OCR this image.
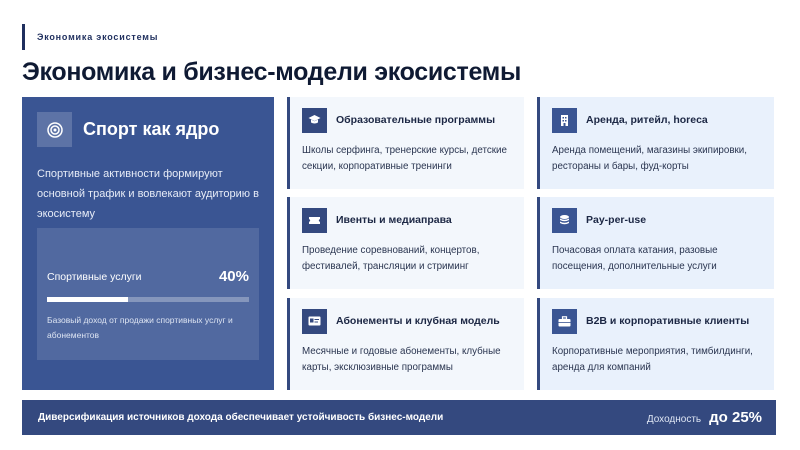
Экономика экосистемы
Экономика и бизнес-модели экосистемы
Спорт как ядро

Спортивные активности формируют основной трафик и вовлекают аудиторию в экосистему

Спортивные услуги	40%

Базовый доход от продажи спортивных услуг и абонементов

Образовательные программы

Школы серфинга, тренерские курсы, детские секции, корпоративные тренинги

Аренда, ритейл, horeca

Аренда помещений, магазины экипировки, рестораны и бары, фуд-корты

Ивенты и медиаправа

Проведение соревнований, концертов, фестивалей, трансляции и стриминг

Pay-per-use

Почасовая оплата катания, разовые посещения, дополнительные услуги

Абонементы и клубная модель

Месячные и годовые абонементы, клубные карты, эксклюзивные программы

B2B и корпоративные клиенты

Корпоративные мероприятия, тимбилдинги, аренда для компаний

Диверсификация источников дохода обеспечивает устойчивость бизнес-модели	Доходность до 25%
